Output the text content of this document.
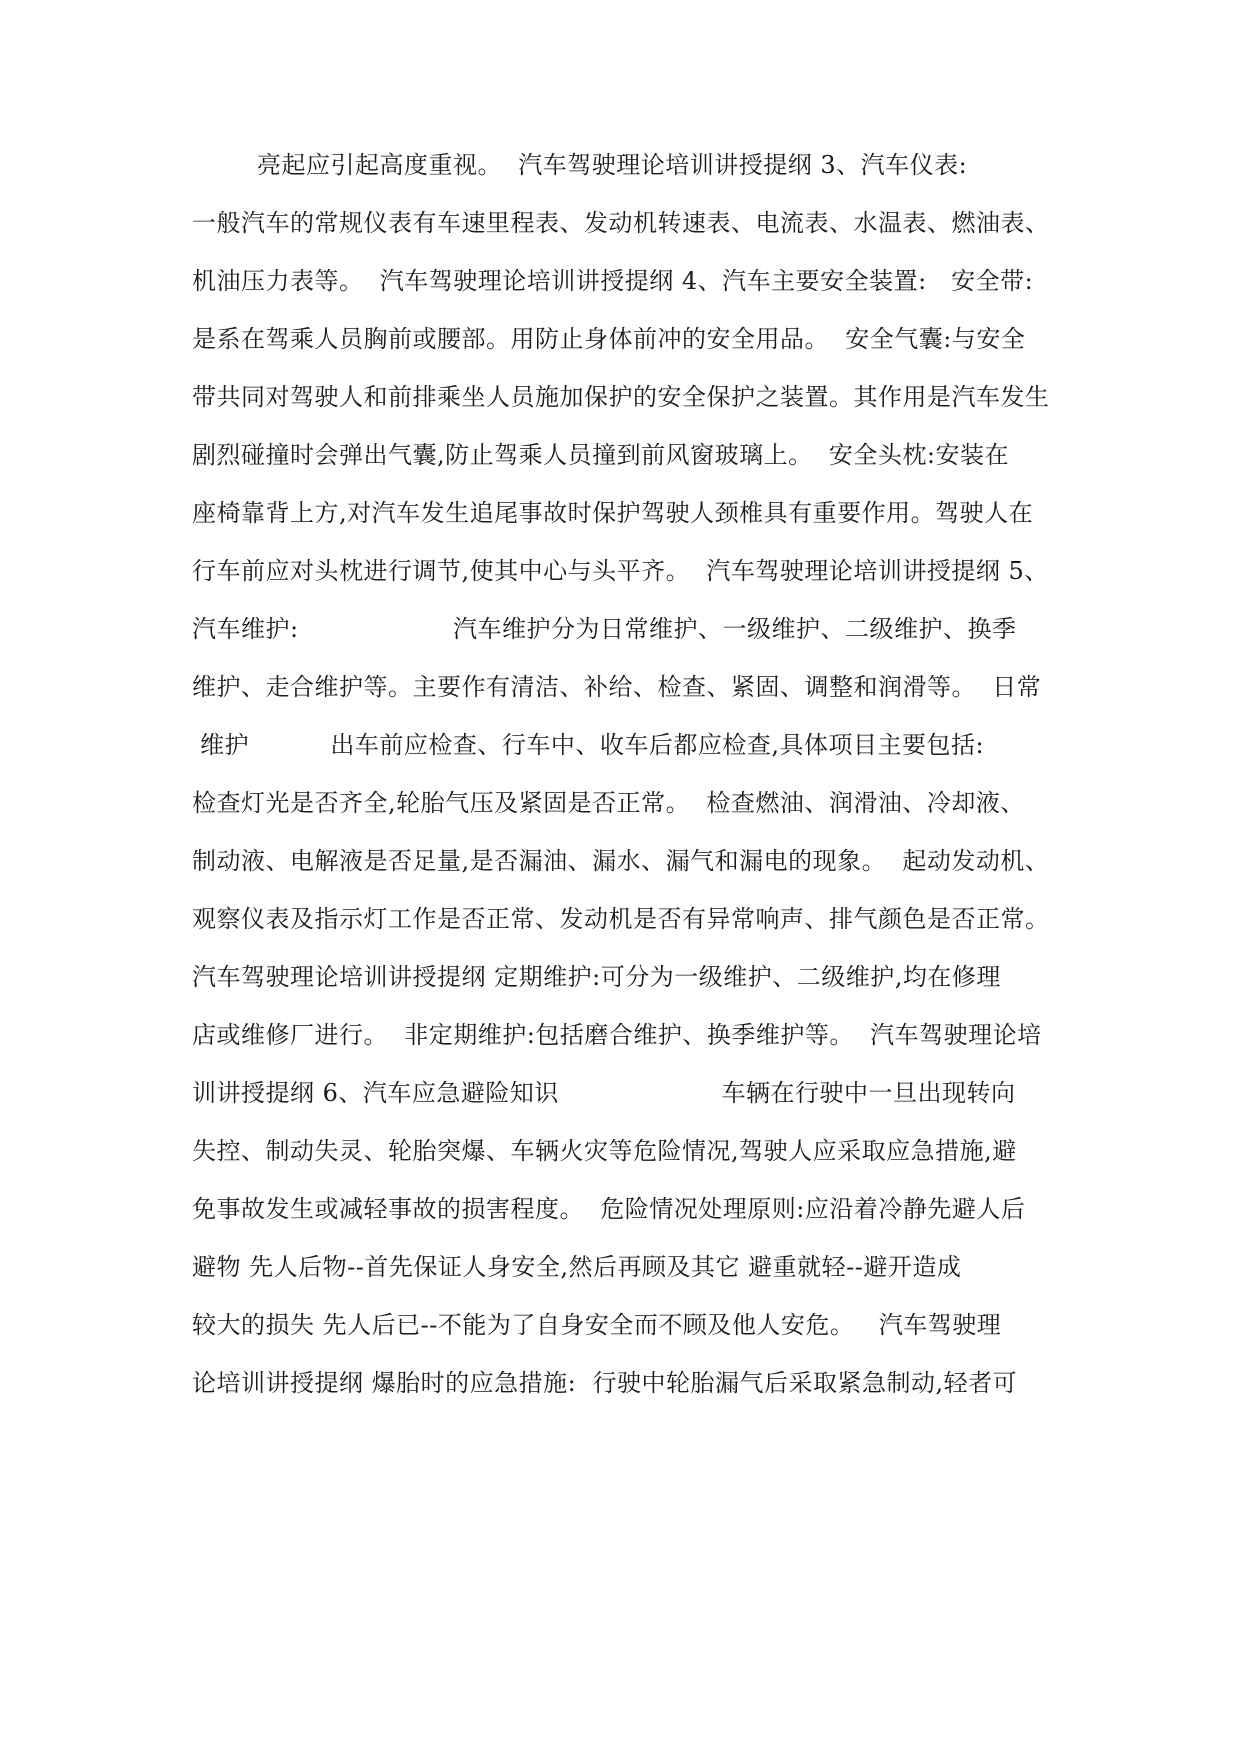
亮起应引起高度重视。  汽车驾驶理论培训讲授提纲 3、汽车仪表:
一般汽车的常规仪表有车速里程表、发动机转速表、电流表、水温表、燃油表、
机油压力表等。  汽车驾驶理论培训讲授提纲 4、汽车主要安全装置:   安全带:
是系在驾乘人员胸前或腰部。用防止身体前冲的安全用品。  安全气囊:与安全
带共同对驾驶人和前排乘坐人员施加保护的安全保护之装置。其作用是汽车发生
剧烈碰撞时会弹出气囊,防止驾乘人员撞到前风窗玻璃上。  安全头枕:安装在
座椅靠背上方,对汽车发生追尾事故时保护驾驶人颈椎具有重要作用。驾驶人在
行车前应对头枕进行调节,使其中心与头平齐。  汽车驾驶理论培训讲授提纲 5、
汽车维护:                   汽车维护分为日常维护、一级维护、二级维护、换季
维护、走合维护等。主要作有清洁、补给、检查、紧固、调整和润滑等。  日常
维护          出车前应检查、行车中、收车后都应检查,具体项目主要包括:
检查灯光是否齐全,轮胎气压及紧固是否正常。  检查燃油、润滑油、冷却液、
制动液、电解液是否足量,是否漏油、漏水、漏气和漏电的现象。  起动发动机、
观察仪表及指示灯工作是否正常、发动机是否有异常响声、排气颜色是否正常。
汽车驾驶理论培训讲授提纲 定期维护:可分为一级维护、二级维护,均在修理
店或维修厂进行。  非定期维护:包括磨合维护、换季维护等。  汽车驾驶理论培
训讲授提纲 6、汽车应急避险知识                    车辆在行驶中一旦出现转向
失控、制动失灵、轮胎突爆、车辆火灾等危险情况,驾驶人应采取应急措施,避
免事故发生或减轻事故的损害程度。  危险情况处理原则:应沿着冷静先避人后
避物 先人后物--首先保证人身安全,然后再顾及其它 避重就轻--避开造成
较大的损失 先人后已--不能为了自身安全而不顾及他人安危。   汽车驾驶理
论培训讲授提纲 爆胎时的应急措施:  行驶中轮胎漏气后采取紧急制动,轻者可
